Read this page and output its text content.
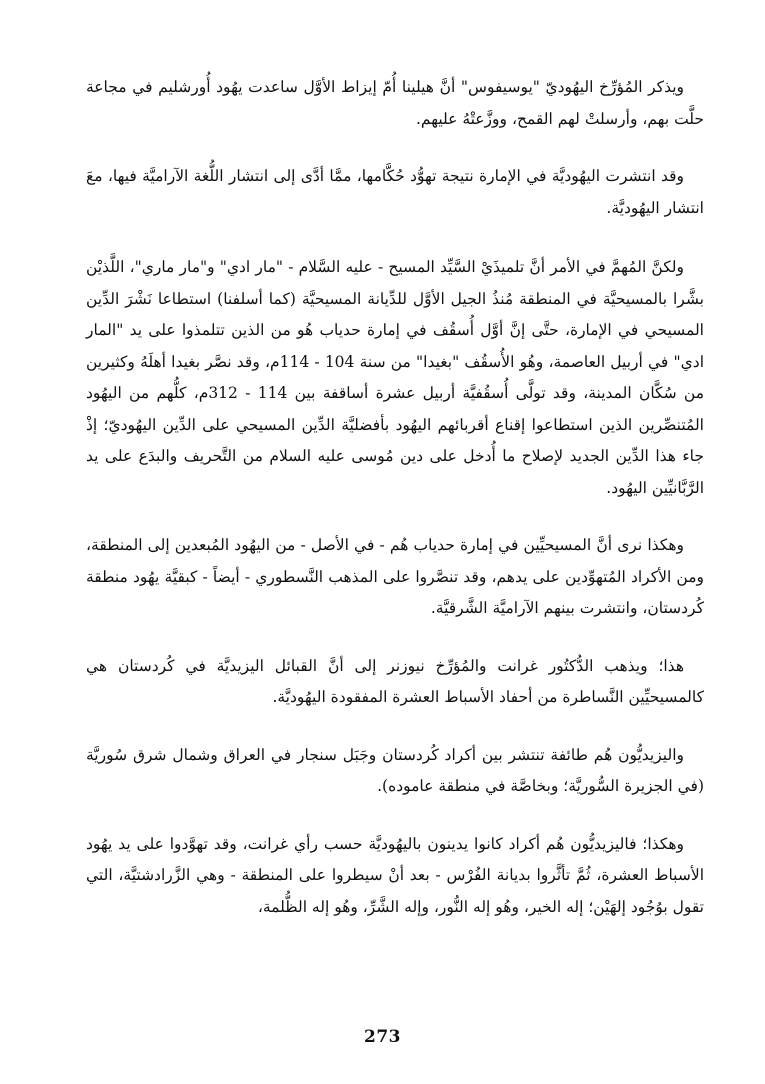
ويذكر المُؤرِّخ اليهُوديّ "يوسيفوس" أنَّ هيلينا أُمّ إيزاط الأوَّل ساعدت يهُود أُورشليم في مجاعة حلَّت بهم، وأرسلتْ لهم القمح، ووزَّعتْهُ عليهم.

وقد انتشرت اليهُوديَّة في الإمارة نتيجة تهوُّد حُكَّامها، ممَّا أدَّى إلى انتشار اللُّغة الآراميَّة فيها، معَ انتشار اليهُوديَّة.

ولكنَّ المُهمَّ في الأمر أنَّ تلميذَيْ السَّيِّد المسيح - عليه السَّلام - "مار ادي" و"مار ماري"، اللَّذيْن بشَّرا بالمسيحيَّة في المنطقة مُنذُ الجيل الأوَّل للدِّيانة المسيحيَّة (كما أسلفنا) استطاعا نَشْرَ الدِّين المسيحي في الإمارة، حتَّى إنَّ أوَّل أُسقُف في إمارة حدياب هُو من الذين تتلمذوا على يد "المار ادي" في أربيل العاصمة، وهُو الأُسقُف "بغيدا" من سنة 104 - 114م، وقد نصَّر بغيدا أهلَهُ وكثيرين من سُكَّان المدينة، وقد تولَّى أُسقُفيَّة أربيل عشرة أساقفة بين 114 - 312م، كلُّهم من اليهُود المُتنصِّرين الذين استطاعوا إقناع أقربائهم اليهُود بأفضليَّة الدِّين المسيحي على الدِّين اليهُوديّ؛ إذْ جاء هذا الدِّين الجديد لإصلاح ما أُدخل على دين مُوسى عليه السلام من التَّحريف والبدَع على يد الرَّبَّانيِّين اليهُود.

وهكذا نرى أنَّ المسيحيِّين في إمارة حدياب هُم - في الأصل - من اليهُود المُبعدين إلى المنطقة، ومن الأكراد المُتهوِّدين على يدهم، وقد تنصَّروا على المذهب النَّسطوري - أيضاً - كبقيَّة يهُود منطقة كُردستان، وانتشرت بينهم الآراميَّة الشَّرقيَّة.

هذا؛ ويذهب الدُّكتُور غرانت والمُؤرِّخ نيوزنر إلى أنَّ القبائل اليزيديَّة في كُردستان هي كالمسيحيِّين النَّساطرة من أحفاد الأسباط العشرة المفقودة اليهُوديَّة.

واليزيديُّون هُم طائفة تنتشر بين أكراد كُردستان وجَبَل سنجار في العراق وشمال شرق سُوريَّة (في الجزيرة السُّوريَّة؛ وبخاصَّة في منطقة عاموده).

وهكذا؛ فاليزيديُّون هُم أكراد كانوا يدينون باليهُوديَّة حسب رأي غرانت، وقد تهوَّدوا على يد يهُود الأسباط العشرة، ثُمَّ تأثَّروا بديانة الفُرْس - بعد أنْ سيطروا على المنطقة - وهي الزَّرادشتيَّة، التي تقول بوُجُود إلهَيْن؛ إله الخير، وهُو إله النُّور، وإله الشَّرِّ، وهُو إله الظُّلمة،

273
